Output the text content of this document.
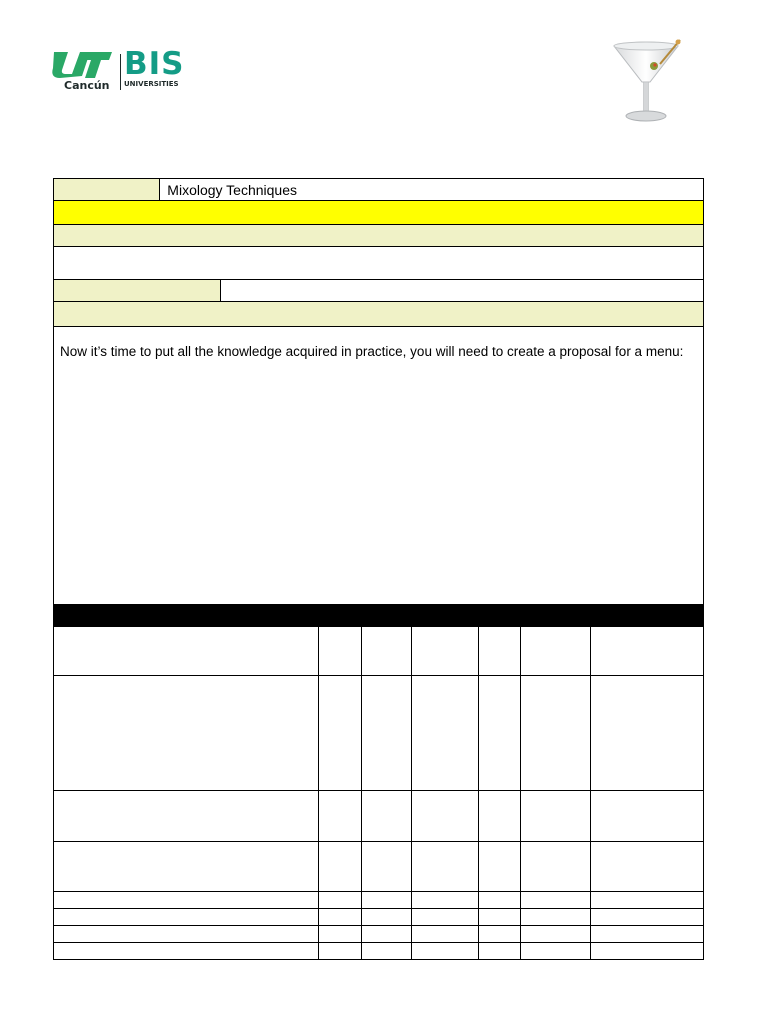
Cancún
BIS
UNIVERSITIES
	Mixology Techniques							

Now it’s time to put all the knowledge acquired in practice, you will need to create a proposal for a menu:								
